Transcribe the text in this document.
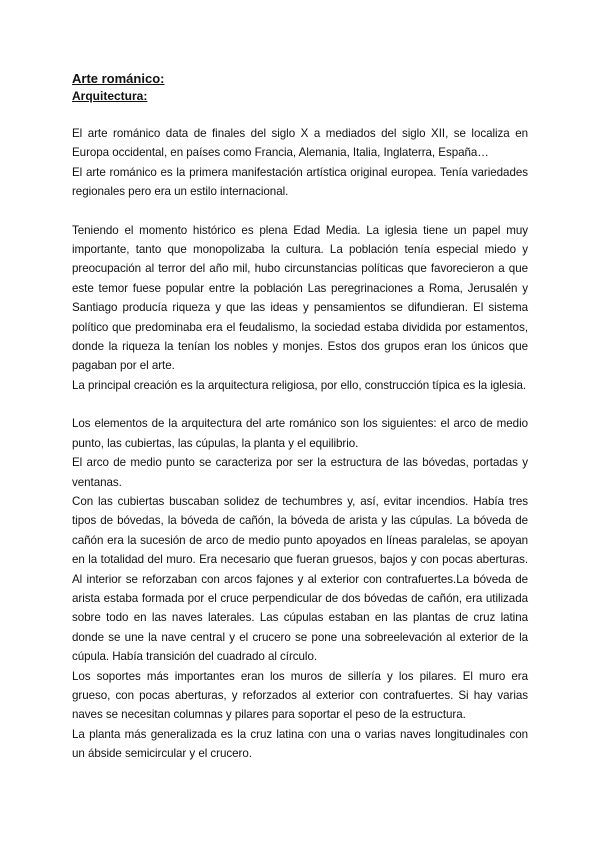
Arte románico:
Arquitectura:

El arte románico data de finales del siglo X a mediados del siglo XII, se localiza en Europa occidental, en países como Francia, Alemania, Italia, Inglaterra, España…

El arte románico es la primera manifestación artística original europea. Tenía variedades regionales pero era un estilo internacional.

Teniendo el momento histórico es plena Edad Media. La iglesia tiene un papel muy importante, tanto que monopolizaba la cultura. La población tenía especial miedo y preocupación al terror del año mil, hubo circunstancias políticas que favorecieron a que este temor fuese popular entre la población Las peregrinaciones a Roma, Jerusalén y Santiago producía riqueza y que las ideas y pensamientos se difundieran. El sistema político que predominaba era el feudalismo, la sociedad estaba dividida por estamentos, donde la riqueza la tenían los nobles y monjes. Estos dos grupos eran los únicos que pagaban por el arte.

La principal creación es la arquitectura religiosa, por ello, construcción típica es la iglesia.

Los elementos de la arquitectura del arte románico son los siguientes: el arco de medio punto, las cubiertas, las cúpulas, la planta y el equilibrio.

El arco de medio punto se caracteriza por ser la estructura de las bóvedas, portadas y ventanas.

Con las cubiertas buscaban solidez de techumbres y, así, evitar incendios. Había tres tipos de bóvedas, la bóveda de cañón, la bóveda de arista y las cúpulas. La bóveda de cañón era la sucesión de arco de medio punto apoyados en líneas paralelas, se apoyan en la totalidad del muro. Era necesario que fueran gruesos, bajos y con pocas aberturas. Al interior se reforzaban con arcos fajones y al exterior con contrafuertes.La bóveda de arista estaba formada por el cruce perpendicular de dos bóvedas de cañón, era utilizada sobre todo en las naves laterales. Las cúpulas estaban en las plantas de cruz latina donde se une la nave central y el crucero se pone una sobreelevación al exterior de la cúpula. Había transición del cuadrado al círculo.

Los soportes más importantes eran los muros de sillería y los pilares. El muro era grueso, con pocas aberturas, y reforzados al exterior con contrafuertes. Si hay varias naves se necesitan columnas y pilares para soportar el peso de la estructura.

La planta más generalizada es la cruz latina con una o varias naves longitudinales con un ábside semicircular y el crucero.
